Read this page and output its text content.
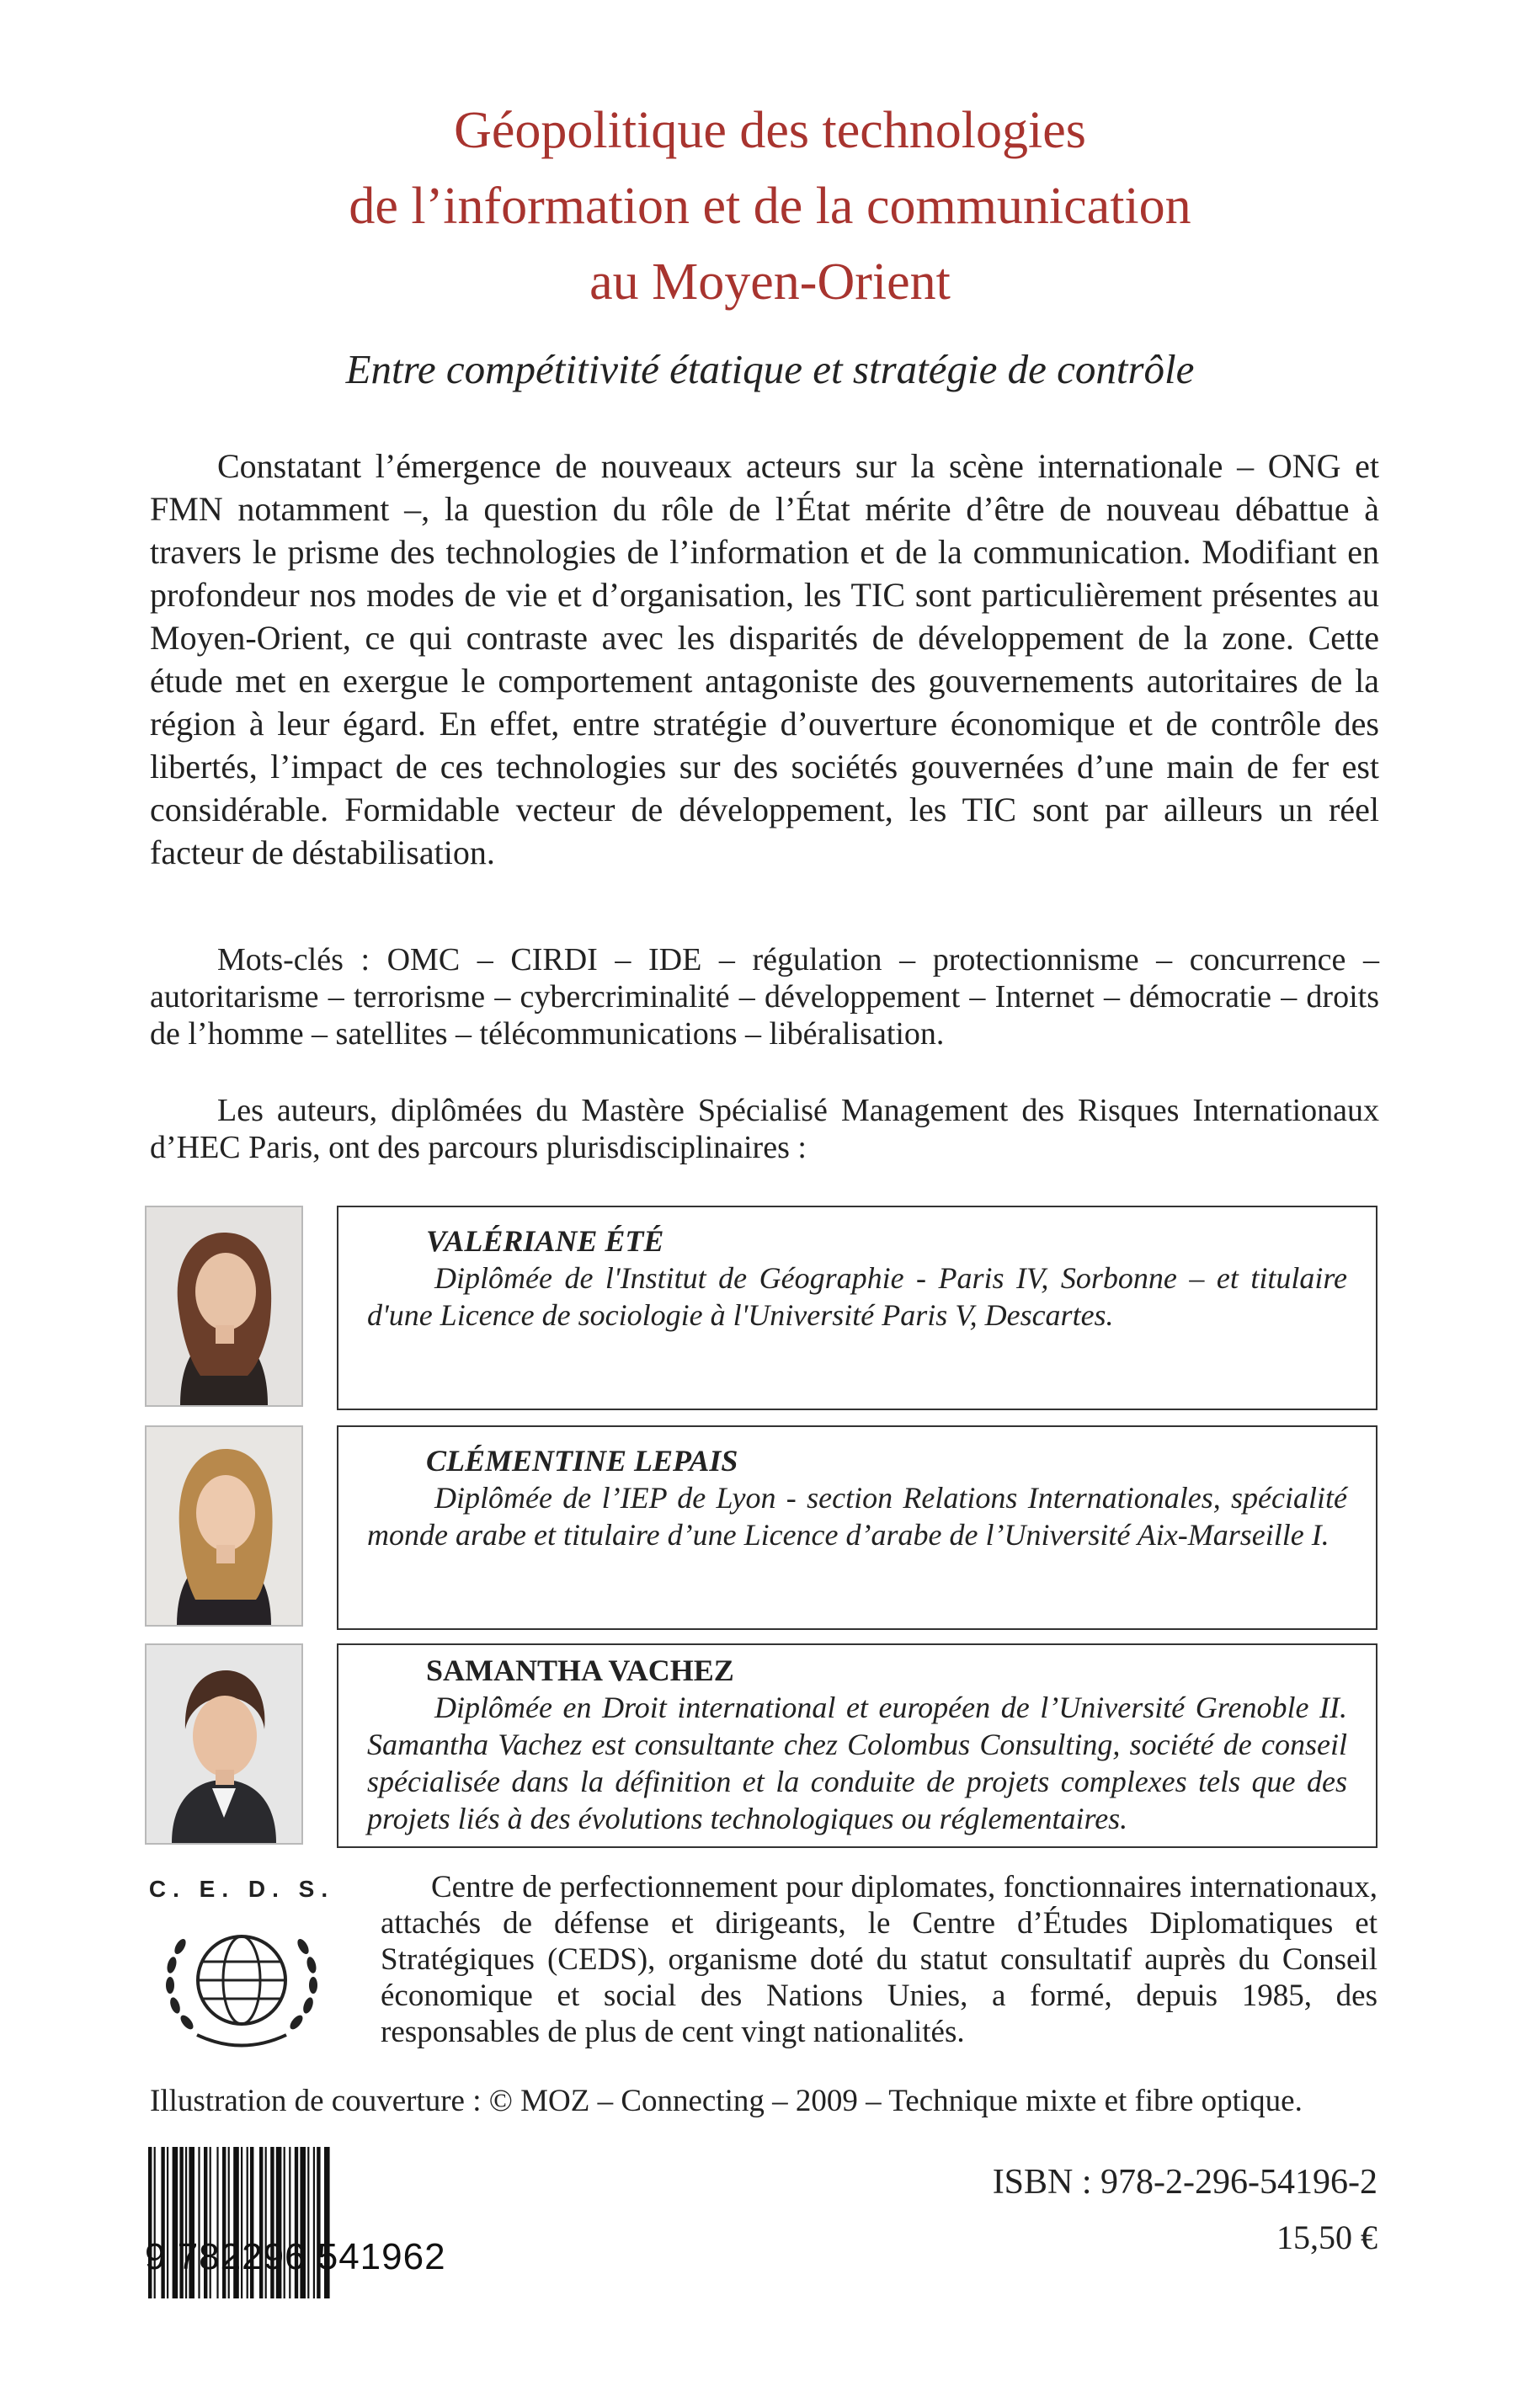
Géopolitique des technologies
de l’information et de la communication
au Moyen-Orient
Entre compétitivité étatique et stratégie de contrôle
Constatant l’émergence de nouveaux acteurs sur la scène internationale – ONG et FMN notamment –, la question du rôle de l’État mérite d’être de nouveau débattue à travers le prisme des technologies de l’information et de la communication. Modifiant en profondeur nos modes de vie et d’organisation, les TIC sont particulièrement présentes au Moyen-Orient, ce qui contraste avec les disparités de développement de la zone. Cette étude met en exergue le comportement antagoniste des gouvernements autoritaires de la région à leur égard. En effet, entre stratégie d’ouverture économique et de contrôle des libertés, l’impact de ces technologies sur des sociétés gouvernées d’une main de fer est considérable. Formidable vecteur de développement, les TIC sont par ailleurs un réel facteur de déstabilisation.
Mots-clés : OMC – CIRDI – IDE – régulation – protectionnisme – concurrence – autoritarisme – terrorisme – cybercriminalité – développement – Internet – démocratie – droits de l’homme – satellites – télécommunications – libéralisation.
Les auteurs, diplômées du Mastère Spécialisé Management des Risques Internationaux d’HEC Paris, ont des parcours plurisdisciplinaires :
VALÉRIANE ÉTÉ
Diplômée de l'Institut de Géographie - Paris IV, Sorbonne – et titulaire d'une Licence de sociologie à l'Université Paris V, Descartes.
CLÉMENTINE LEPAIS
Diplômée de l’IEP de Lyon - section Relations Internationales, spécialité monde arabe et titulaire d’une Licence d’arabe de l’Université Aix-Marseille I.
SAMANTHA VACHEZ
Diplômée en Droit international et européen de l’Université Grenoble II. Samantha Vachez est consultante chez Colombus Consulting, société de conseil spécialisée dans la définition et la conduite de projets complexes tels que des projets liés à des évolutions technologiques ou réglementaires.
C. E. D. S.	Centre de perfectionnement pour diplomates, fonctionnaires internationaux, attachés de défense et dirigeants, le Centre d’Études Diplomatiques et Stratégiques (CEDS), organisme doté du statut consultatif auprès du Conseil économique et social des Nations Unies, a formé, depuis 1985, des responsables de plus de cent vingt nationalités.
Illustration de couverture : © MOZ – Connecting – 2009 – Technique mixte et fibre optique.
9 782296 541962
ISBN : 978-2-296-54196-2
15,50 €
